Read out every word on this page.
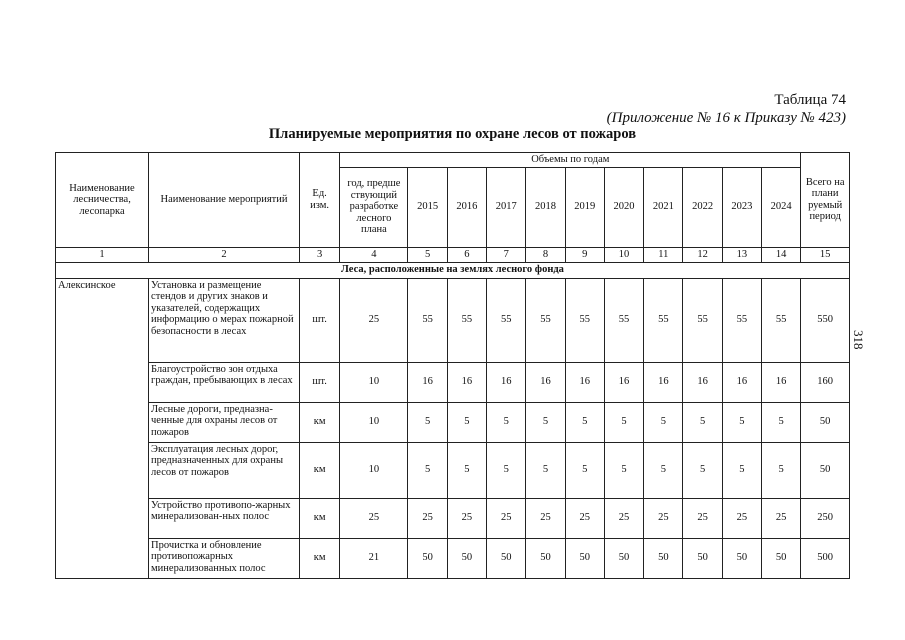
318
Таблица 74
(Приложение № 16 к Приказу № 423)
Планируемые мероприятия по охране лесов от пожаров
Наименование лесничества, лесопарка	Наименование мероприятий	Ед. изм.	Объемы по годам											Всего на плани руемый период
			год, предше ствующий разработке лесного плана	2015	2016	2017	2018	2019	2020	2021	2022	2023	2024	
1	2	3	4	5	6	7	8	9	10	11	12	13	14	15
Леса, расположенные на землях лесного фонда														
Алексинское	Установка и размещение стендов и других знаков и указателей, содержащих информацию о мерах пожарной безопасности в лесах	шт.	25	55	55	55	55	55	55	55	55	55	55	550
	Благоустройство зон отдыха граждан, пребывающих в лесах	шт.	10	16	16	16	16	16	16	16	16	16	16	160
	Лесные дороги, предназна-ченные для охраны лесов от пожаров	км	10	5	5	5	5	5	5	5	5	5	5	50
	Эксплуатация лесных дорог, предназначенных для охраны лесов от пожаров	км	10	5	5	5	5	5	5	5	5	5	5	50
	Устройство противопо-жарных минерализован-ных полос	км	25	25	25	25	25	25	25	25	25	25	25	250
	Прочистка и обновление противопожарных минерализованных полос	км	21	50	50	50	50	50	50	50	50	50	50	500
